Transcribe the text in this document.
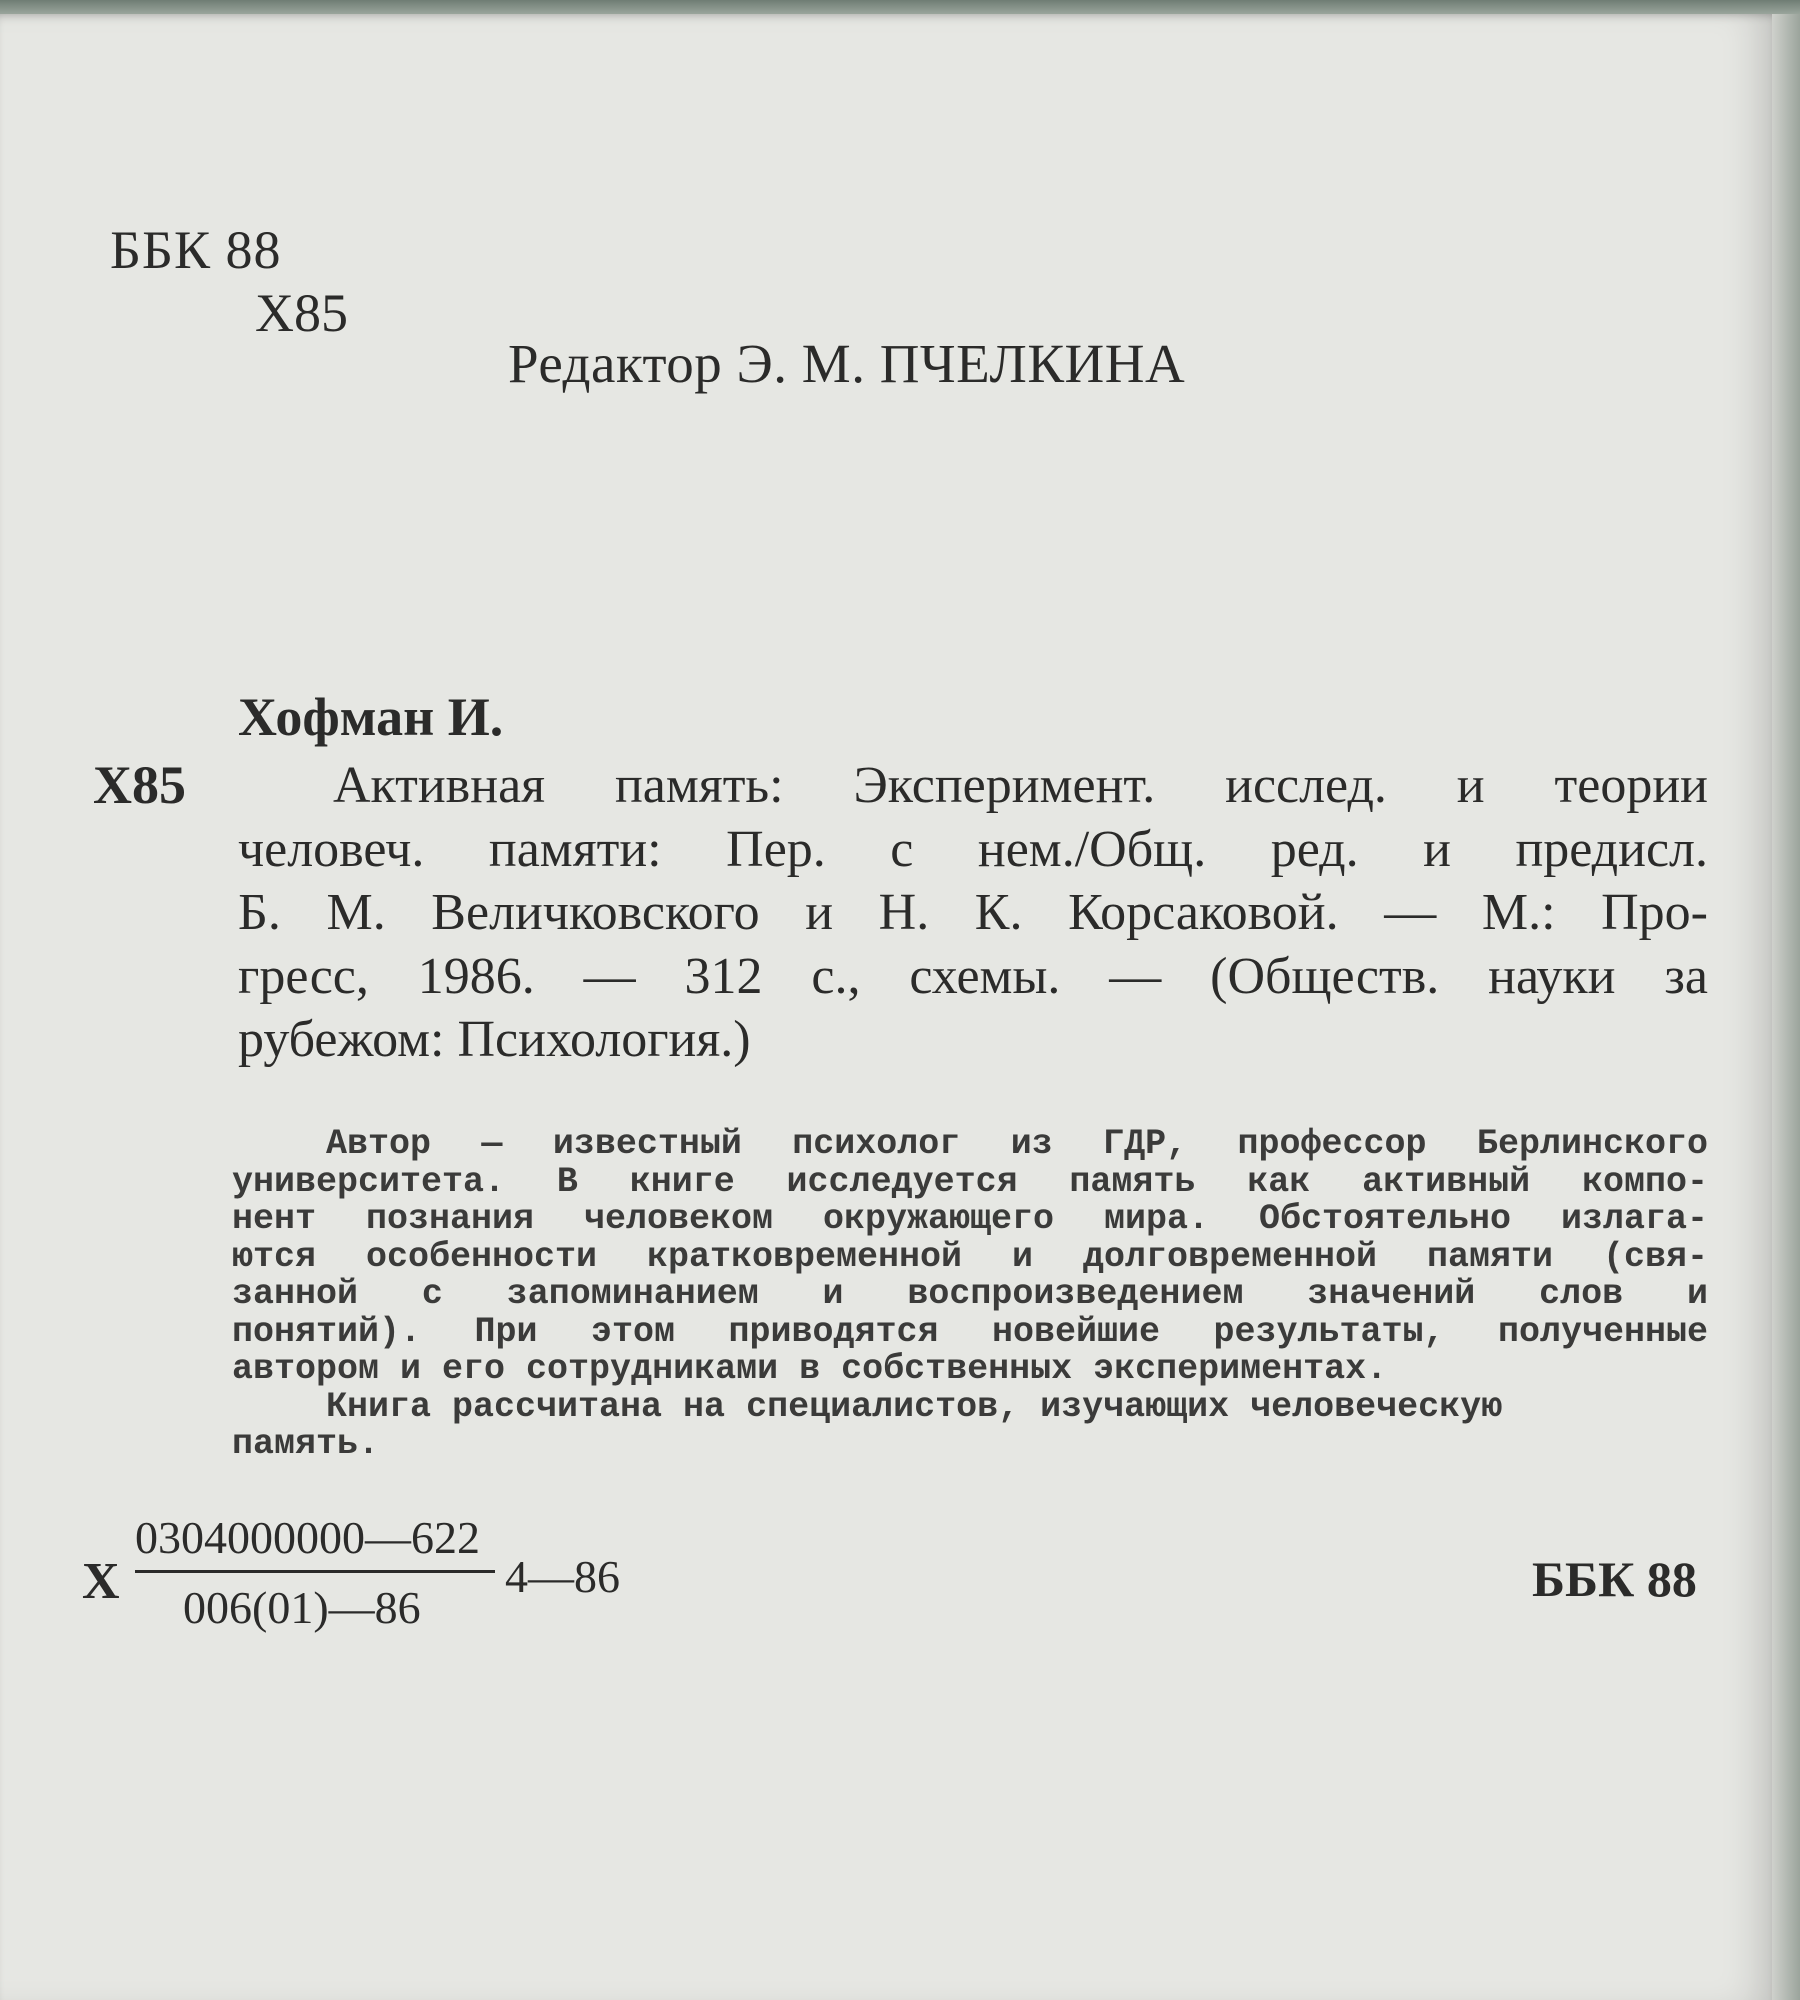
ББК 88
Х85
Редактор Э. М. ПЧЕЛКИНА
Хофман И.
Х85	Активная память: Эксперимент. исслед. и теории
человеч. памяти: Пер. с нем./Общ. ред. и предисл.
Б. М. Величковского и Н. К. Корсаковой. — М.: Про-
гресс, 1986. — 312 с., схемы. — (Обществ. науки за
рубежом: Психология.)
Автор — известный психолог из ГДР, профессор Берлинского
университета. В книге исследуется память как активный компо-
нент познания человеком окружающего мира. Обстоятельно излага-
ются особенности кратковременной и долговременной памяти (свя-
занной с запоминанием и воспроизведением значений слов и
понятий). При этом приводятся новейшие результаты, полученные
автором и его сотрудниками в собственных экспериментах.
Книга рассчитана на специалистов, изучающих человеческую
память.
Х
0304000000—622
006(01)—86
4—86	ББК 88
